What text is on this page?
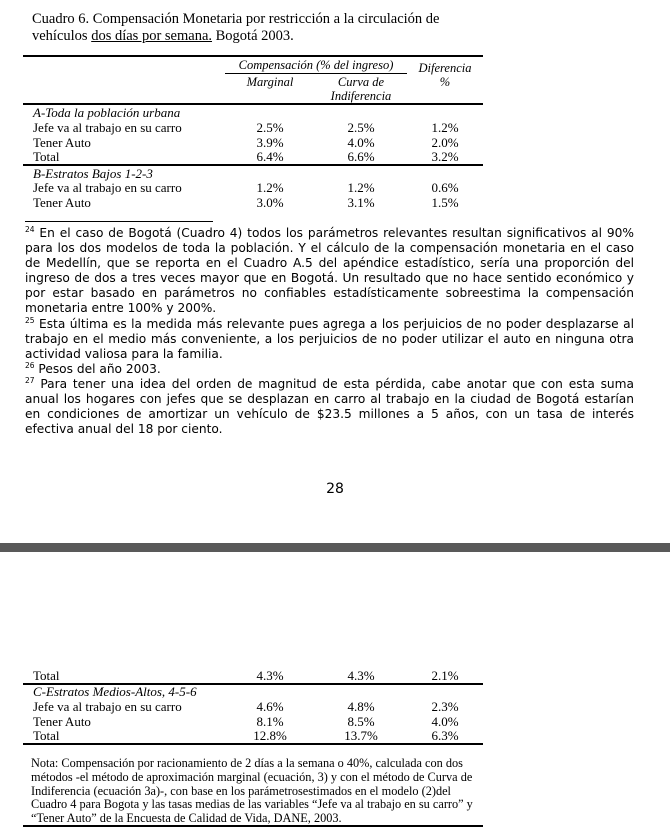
Cuadro 6. Compensación Monetaria por restricción a la circulación de
vehículos dos días por semana. Bogotá 2003.
Compensación (% del ingreso)
Marginal	Curva de
Indiferencia
Diferencia
%
A-Toda la población urbana
Jefe va al trabajo en su carro	2.5%	2.5%	1.2%
Tener Auto	3.9%	4.0%	2.0%
Total	6.4%	6.6%	3.2%
B-Estratos Bajos 1-2-3
Jefe va al trabajo en su carro	1.2%	1.2%	0.6%
Tener Auto	3.0%	3.1%	1.5%

$^{24}$ En el caso de Bogotá (Cuadro 4) todos los parámetros relevantes resultan significativos al 90% para los dos modelos de toda la población. Y el cálculo de la compensación monetaria en el caso de Medellín, que se reporta en el Cuadro A.5 del apéndice estadístico, sería una proporción del ingreso de dos a tres veces mayor que en Bogotá. Un resultado que no hace sentido económico y por estar basado en parámetros no confiables estadísticamente sobreestima la compensación monetaria entre 100% y 200%.

$^{25}$ Esta última es la medida más relevante pues agrega a los perjuicios de no poder desplazarse al trabajo en el medio más conveniente, a los perjuicios de no poder utilizar el auto en ninguna otra actividad valiosa para la familia.

$^{26}$ Pesos del año 2003.

$^{27}$ Para tener una idea del orden de magnitud de esta pérdida, cabe anotar que con esta suma anual los hogares con jefes que se desplazan en carro al trabajo en la ciudad de Bogotá estarían en condiciones de amortizar un vehículo de $23.5 millones a 5 años, con un tasa de interés efectiva anual del 18 por ciento.

28
Total	4.3%	4.3%	2.1%
C-Estratos Medios-Altos, 4-5-6
Jefe va al trabajo en su carro	4.6%	4.8%	2.3%
Tener Auto	8.1%	8.5%	4.0%
Total	12.8%	13.7%	6.3%
Nota: Compensación por racionamiento de 2 días a la semana o 40%, calculada con dos métodos -el método de aproximación marginal (ecuación, 3) y con el método de Curva de Indiferencia (ecuación 3a)-, con base en los parámetrosestimados en el modelo (2)del Cuadro 4 para Bogota y las tasas medias de las variables “Jefe va al trabajo en su carro” y “Tener Auto” de la Encuesta de Calidad de Vida, DANE, 2003.
